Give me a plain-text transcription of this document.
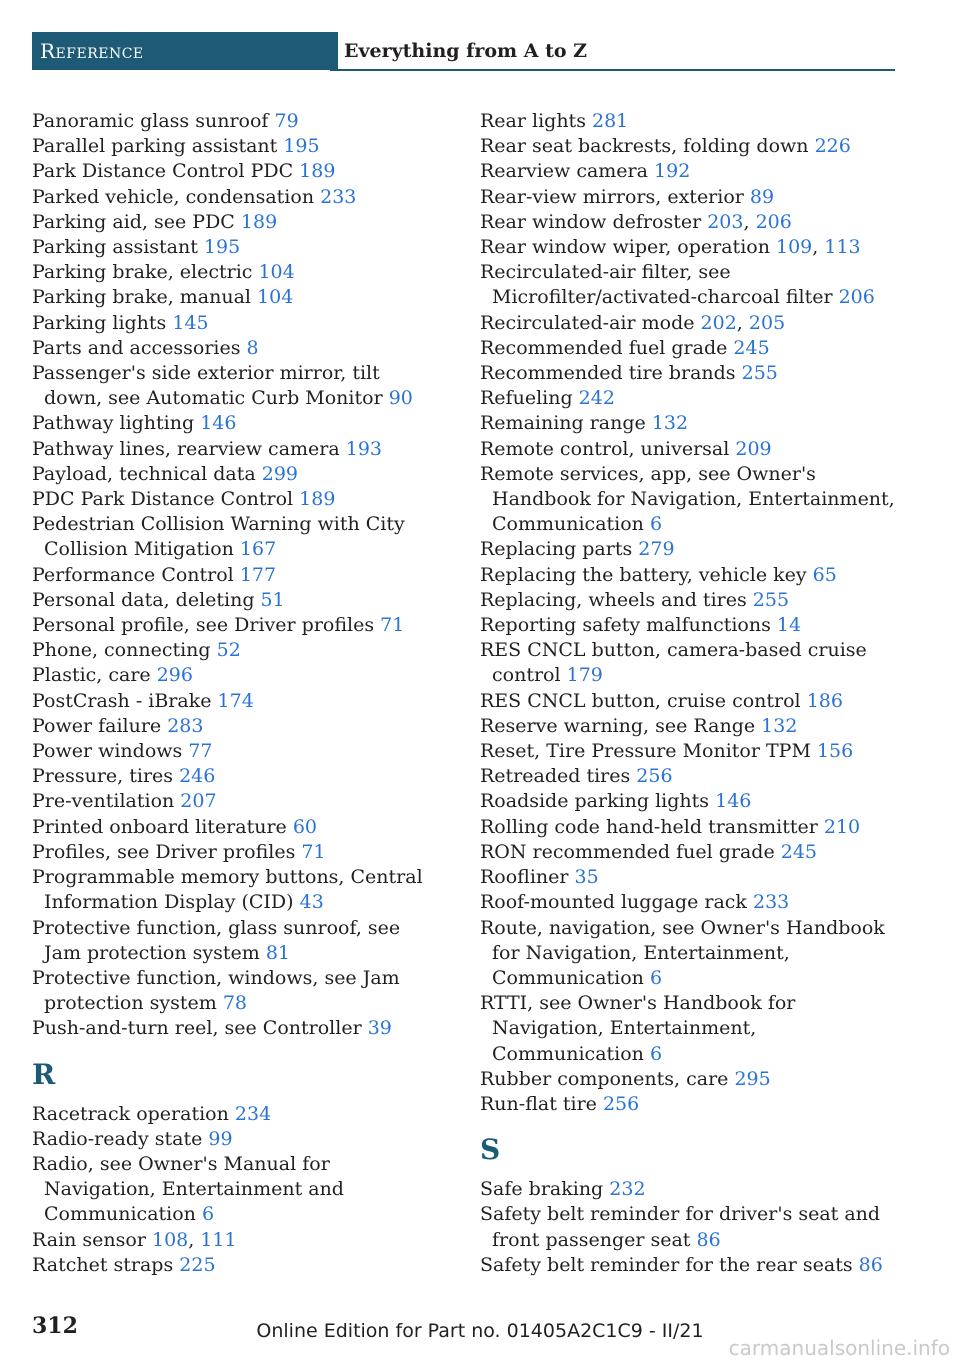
Reference	Everything from A to Z

Panoramic glass sunroof 79

Parallel parking assistant 195

Park Distance Control PDC 189

Parked vehicle, condensation 233

Parking aid, see PDC 189

Parking assistant 195

Parking brake, electric 104

Parking brake, manual 104

Parking lights 145

Parts and accessories 8

Passenger's side exterior mirror, tilt down, see Automatic Curb Monitor 90

Pathway lighting 146

Pathway lines, rearview camera 193

Payload, technical data 299

PDC Park Distance Control 189

Pedestrian Collision Warning with City Collision Mitigation 167

Performance Control 177

Personal data, deleting 51

Personal profile, see Driver profiles 71

Phone, connecting 52

Plastic, care 296

PostCrash - iBrake 174

Power failure 283

Power windows 77

Pressure, tires 246

Pre-ventilation 207

Printed onboard literature 60

Profiles, see Driver profiles 71

Programmable memory buttons, Central Information Display (CID) 43

Protective function, glass sunroof, see Jam protection system 81

Protective function, windows, see Jam protection system 78

Push-and-turn reel, see Controller 39

R

Racetrack operation 234

Radio-ready state 99

Radio, see Owner's Manual for Navigation, Entertainment and Communication 6

Rain sensor 108, 111

Ratchet straps 225

Rear lights 281

Rear seat backrests, folding down 226

Rearview camera 192

Rear-view mirrors, exterior 89

Rear window defroster 203, 206

Rear window wiper, operation 109, 113

Recirculated-air filter, see Microfilter/activated-charcoal filter 206

Recirculated-air mode 202, 205

Recommended fuel grade 245

Recommended tire brands 255

Refueling 242

Remaining range 132

Remote control, universal 209

Remote services, app, see Owner's Handbook for Navigation, Entertainment, Communication 6

Replacing parts 279

Replacing the battery, vehicle key 65

Replacing, wheels and tires 255

Reporting safety malfunctions 14

RES CNCL button, camera-based cruise control 179

RES CNCL button, cruise control 186

Reserve warning, see Range 132

Reset, Tire Pressure Monitor TPM 156

Retreaded tires 256

Roadside parking lights 146

Rolling code hand-held transmitter 210

RON recommended fuel grade 245

Roofliner 35

Roof-mounted luggage rack 233

Route, navigation, see Owner's Handbook for Navigation, Entertainment, Communication 6

RTTI, see Owner's Handbook for Navigation, Entertainment, Communication 6

Rubber components, care 295

Run-flat tire 256

S

Safe braking 232

Safety belt reminder for driver's seat and front passenger seat 86

Safety belt reminder for the rear seats 86

312	Online Edition for Part no. 01405A2C1C9 - II/21
carmanualsonline.info
